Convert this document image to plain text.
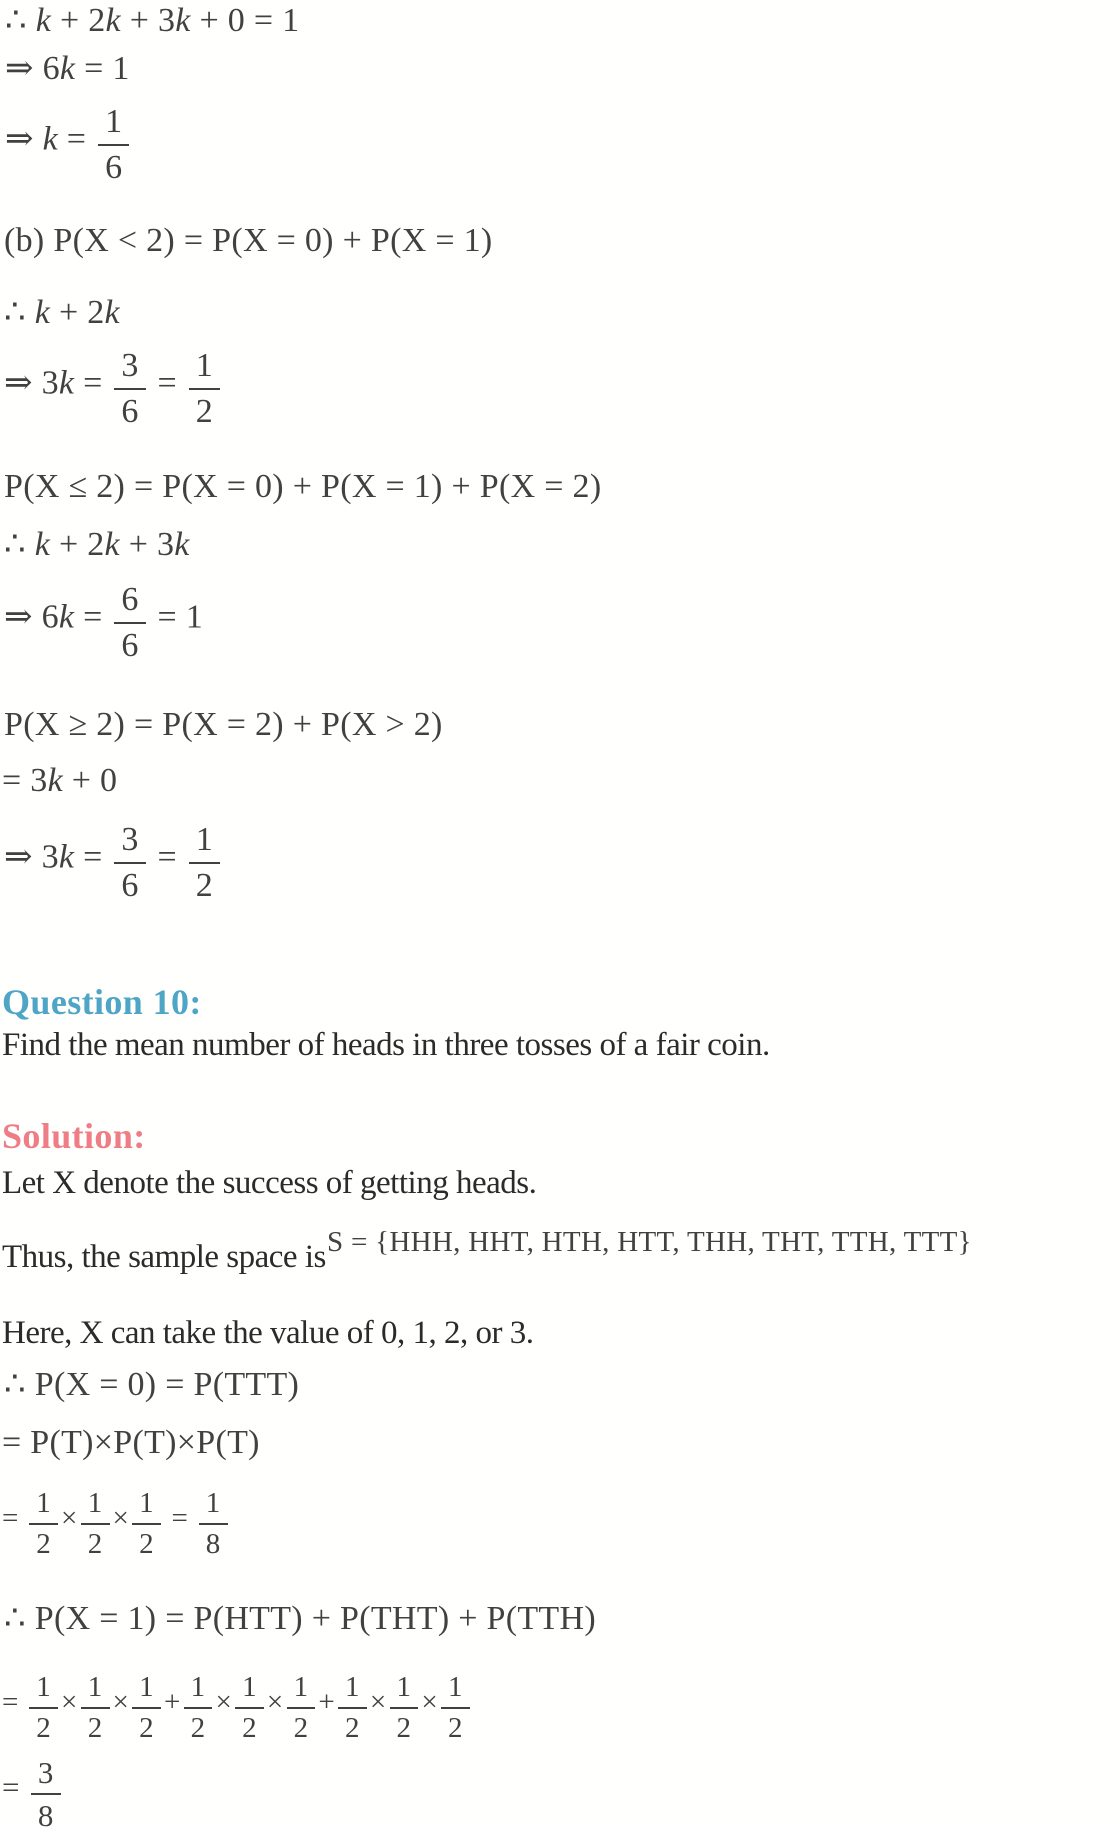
∴ k + 2k + 3k + 0 = 1
⇒ 6k = 1
⇒ $k = \frac{1}{6}$
(b) P(X < 2) = P(X = 0) + P(X = 1)
∴ k + 2k
⇒ $3k = \frac{3}{6} = \frac{1}{2}$
P(X ≤ 2) = P(X = 0) + P(X = 1) + P(X = 2)
∴ k + 2k + 3k
⇒ $6k = \frac{6}{6} = 1$
P(X ≥ 2) = P(X = 2) + P(X > 2)
= 3k + 0
⇒ $3k = \frac{3}{6} = \frac{1}{2}$
Question 10:
Find the mean number of heads in three tosses of a fair coin.
Solution:
Let X denote the success of getting heads.
Thus, the sample space is S = {HHH, HHT, HTH, HTT, THH, THT, TTH, TTT}
Here, X can take the value of 0, 1, 2, or 3.
∴ P(X = 0) = P(TTT)
= P(T)×P(T)×P(T)
= $\frac{1}{2} \times \frac{1}{2} \times \frac{1}{2} = \frac{1}{8}$
∴ P(X = 1) = P(HTT) + P(THT) + P(TTH)
= $\frac{1}{2} \times \frac{1}{2} \times \frac{1}{2} + \frac{1}{2} \times \frac{1}{2} \times \frac{1}{2} + \frac{1}{2} \times \frac{1}{2} \times \frac{1}{2}$
= $\frac{3}{8}$
